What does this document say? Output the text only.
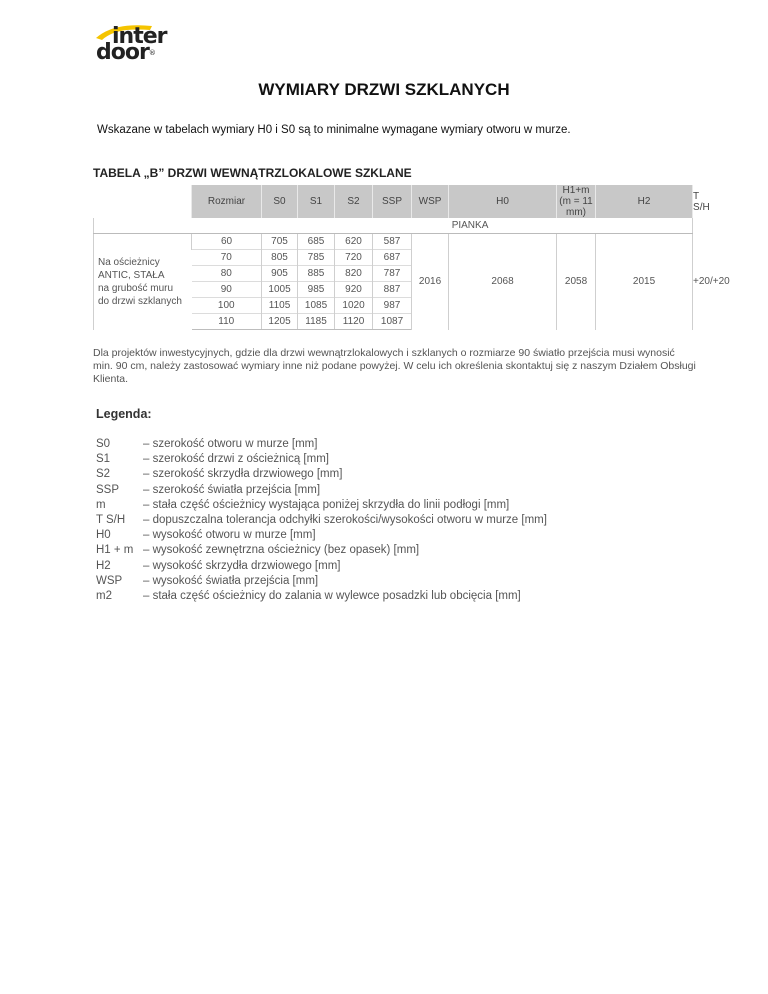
inter
door®
WYMIARY DRZWI SZKLANYCH
Wskazane w tabelach wymiary H0 i S0 są to minimalne wymagane wymiary otworu w murze.
TABELA „B” DRZWI WEWNĄTRZLOKALOWE SZKLANE
	Rozmiar	S0	S1	S2	SSP	WSP	H0	H1+m
(m = 11 mm)	H2	T S/H
PIANKA										

Na ościeżnicy
ANTIC, STAŁA
na grubość muru
do drzwi szklanych	60	705	685	620	587	2016	2068	2058	2015	+20/+20
	70	805	785	720	687					
	80	905	885	820	787					
	90	1005	985	920	887					
	100	1105	1085	1020	987					
	110	1205	1185	1120	1087					
Dla projektów inwestycyjnych, gdzie dla drzwi wewnątrzlokalowych i szklanych o rozmiarze 90 światło przejścia musi wynosić min. 90 cm, należy zastosować wymiary inne niż podane powyżej. W celu ich określenia skontaktuj się z naszym Działem Obsługi Klienta.
Legenda:
S0	– szerokość otworu w murze [mm]
S1	– szerokość drzwi z ościeżnicą [mm]
S2	– szerokość skrzydła drzwiowego [mm]
SSP	– szerokość światła przejścia [mm]
m	– stała część ościeżnicy wystająca poniżej skrzydła do linii podłogi [mm]
T S/H	– dopuszczalna tolerancja odchyłki szerokości/wysokości otworu w murze [mm]
H0	– wysokość otworu w murze [mm]
H1 + m – wysokość zewnętrzna ościeżnicy (bez opasek) [mm]
H2	– wysokość skrzydła drzwiowego [mm]
WSP	– wysokość światła przejścia [mm]
m2	– stała część ościeżnicy do zalania w wylewce posadzki lub obcięcia [mm]
